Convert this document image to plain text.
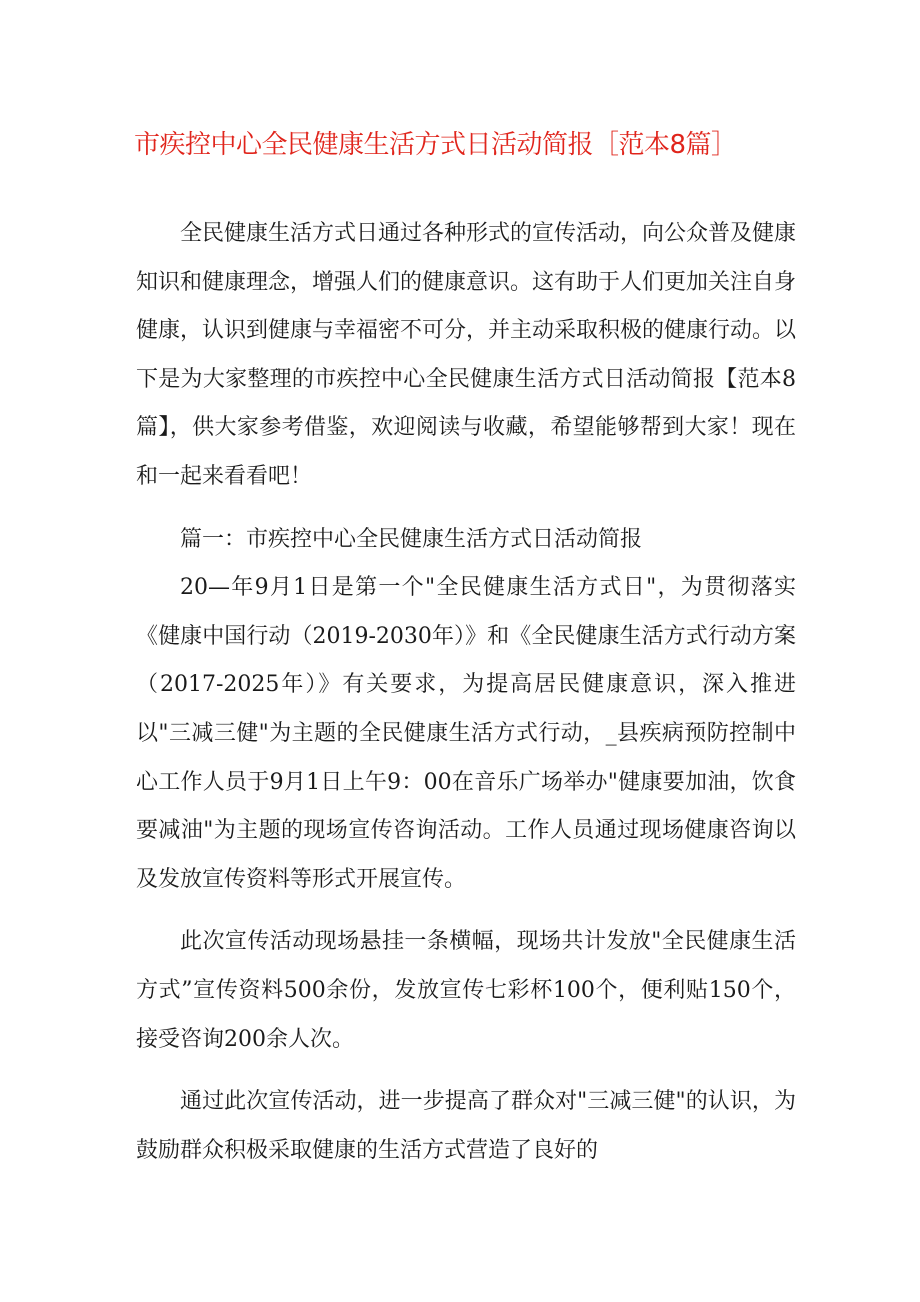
市疾控中心全民健康生活方式日活动简报［范本8篇］

全民健康生活方式日通过各种形式的宣传活动，向公众普及健康知识和健康理念，增强人们的健康意识。这有助于人们更加关注自身健康，认识到健康与幸福密不可分，并主动采取积极的健康行动。以下是为大家整理的市疾控中心全民健康生活方式日活动简报【范本8篇】，供大家参考借鉴，欢迎阅读与收藏，希望能够帮到大家！现在和一起来看看吧！

篇一：市疾控中心全民健康生活方式日活动简报

20—年9月1日是第一个"全民健康生活方式日"，为贯彻落实《健康中国行动（2019-2030年）》和《全民健康生活方式行动方案（2017-2025年）》有关要求，为提高居民健康意识，深入推进以"三减三健"为主题的全民健康生活方式行动，_县疾病预防控制中心工作人员于9月1日上午9：00在音乐广场举办"健康要加油，饮食要减油"为主题的现场宣传咨询活动。工作人员通过现场健康咨询以及发放宣传资料等形式开展宣传。

此次宣传活动现场悬挂一条横幅，现场共计发放"全民健康生活方式”宣传资料500余份，发放宣传七彩杯100个，便利贴150个，接受咨询200余人次。

通过此次宣传活动，进一步提高了群众对"三减三健"的认识，为鼓励群众积极采取健康的生活方式营造了良好的
